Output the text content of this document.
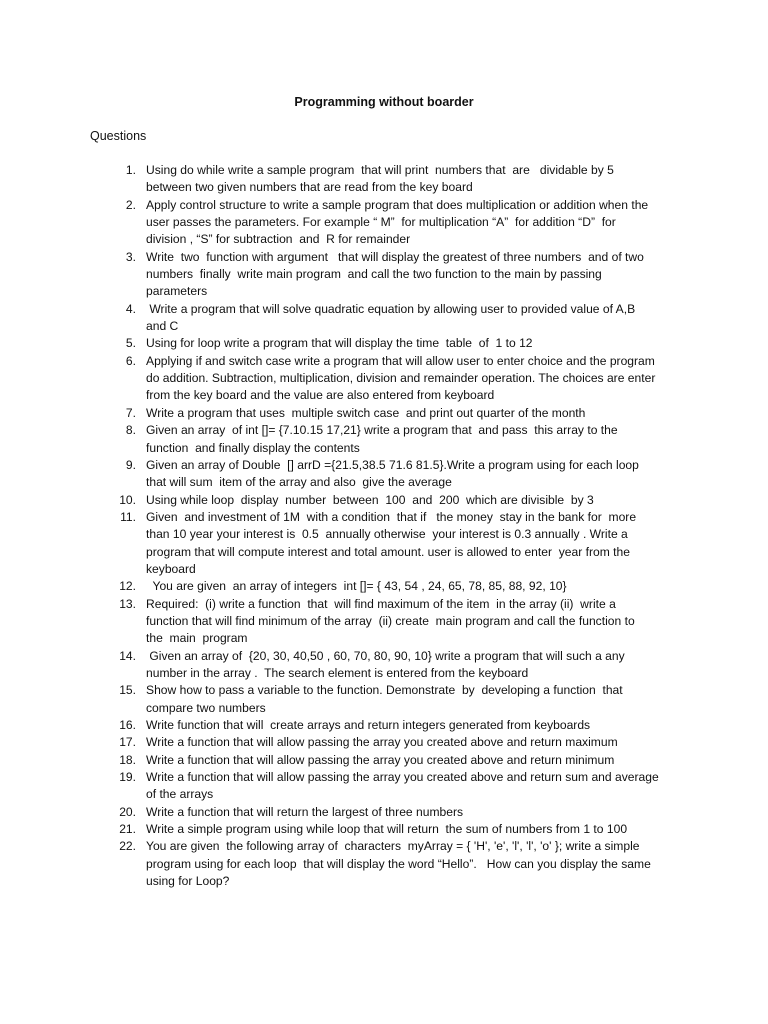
Programming without boarder
Questions
1. Using do while write a sample program  that will print  numbers that  are   dividable by 5
between two given numbers that are read from the key board
2. Apply control structure to write a sample program that does multiplication or addition when the
user passes the parameters. For example “ M”  for multiplication “A”  for addition “D”  for
division , “S” for subtraction  and  R for remainder
3. Write  two  function with argument   that will display the greatest of three numbers  and of two
numbers  finally  write main program  and call the two function to the main by passing
parameters
4. Write a program that will solve quadratic equation by allowing user to provided value of A,B
and C
5. Using for loop write a program that will display the time  table  of  1 to 12
6. Applying if and switch case write a program that will allow user to enter choice and the program
do addition. Subtraction, multiplication, division and remainder operation. The choices are enter
from the key board and the value are also entered from keyboard
7. Write a program that uses  multiple switch case  and print out quarter of the month
8. Given an array  of int []= {7.10.15 17,21} write a program that  and pass  this array to the
function  and finally display the contents
9. Given an array of Double  [] arrD ={21.5,38.5 71.6 81.5}.Write a program using for each loop
that will sum  item of the array and also  give the average
10. Using while loop  display  number  between  100  and  200  which are divisible  by 3
11. Given  and investment of 1M  with a condition  that if   the money  stay in the bank for  more
than 10 year your interest is  0.5  annually otherwise  your interest is 0.3 annually . Write a
program that will compute interest and total amount. user is allowed to enter  year from the
keyboard
12. You are given  an array of integers  int []= { 43, 54 , 24, 65, 78, 85, 88, 92, 10}
13. Required:  (i) write a function  that  will find maximum of the item  in the array (ii)  write a
function that will find minimum of the array  (ii) create  main program and call the function to
the  main  program
14. Given an array of  {20, 30, 40,50 , 60, 70, 80, 90, 10} write a program that will such a any
number in the array .  The search element is entered from the keyboard
15. Show how to pass a variable to the function. Demonstrate  by  developing a function  that
compare two numbers
16. Write function that will  create arrays and return integers generated from keyboards
17. Write a function that will allow passing the array you created above and return maximum
18. Write a function that will allow passing the array you created above and return minimum
19. Write a function that will allow passing the array you created above and return sum and average
of the arrays
20. Write a function that will return the largest of three numbers
21. Write a simple program using while loop that will return  the sum of numbers from 1 to 100
22. You are given  the following array of  characters  myArray = { 'H', 'e', 'l', 'l', 'o' }; write a simple
program using for each loop  that will display the word “Hello”.   How can you display the same
using for Loop?
